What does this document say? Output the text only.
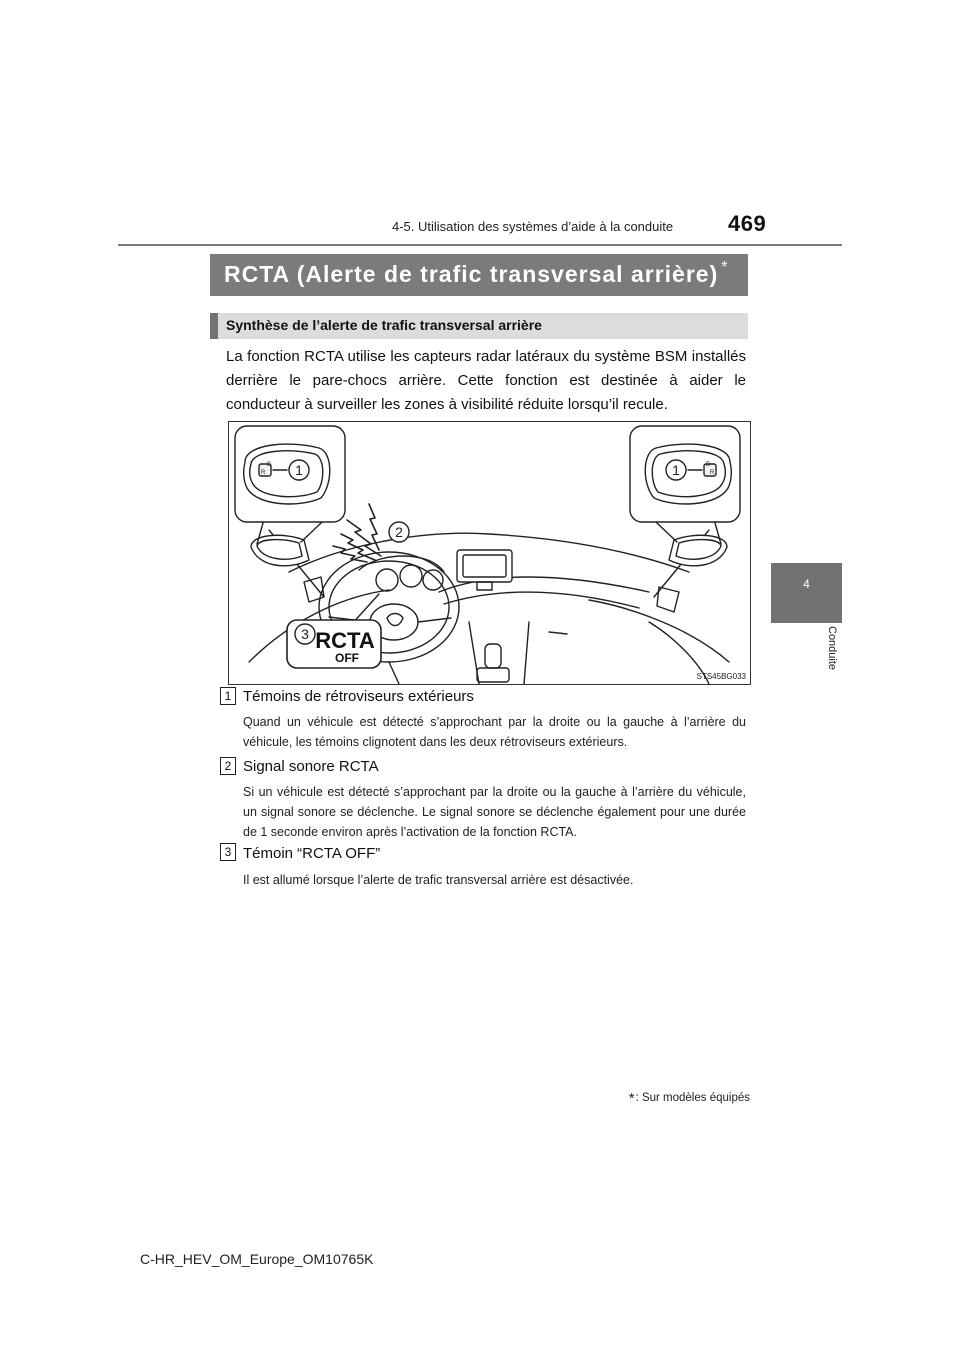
4-5. Utilisation des systèmes d’aide à la conduite 469
4
Conduite
RCTA (Alerte de trafic transversal arrière) *
Synthèse de l’alerte de trafic transversal arrière
La fonction RCTA utilise les capteurs radar latéraux du système BSM installés derrière le pare-chocs arrière. Cette fonction est destinée à aider le conducteur à surveiller les zones à visibilité réduite lorsqu’il recule.
B
R
B
R
1	1
2
3 RCTA
OFF
STS45BG033
1 Témoins de rétroviseurs extérieurs
Quand un véhicule est détecté s’approchant par la droite ou la gauche à l’arrière du véhicule, les témoins clignotent dans les deux rétroviseurs extérieurs.
2 Signal sonore RCTA
Si un véhicule est détecté s’approchant par la droite ou la gauche à l’arrière du véhicule, un signal sonore se déclenche. Le signal sonore se déclenche également pour une durée de 1 seconde environ après l’activation de la fonction RCTA.
3 Témoin “RCTA OFF”
Il est allumé lorsque l’alerte de trafic transversal arrière est désactivée.
*: Sur modèles équipés
C-HR_HEV_OM_Europe_OM10765K
